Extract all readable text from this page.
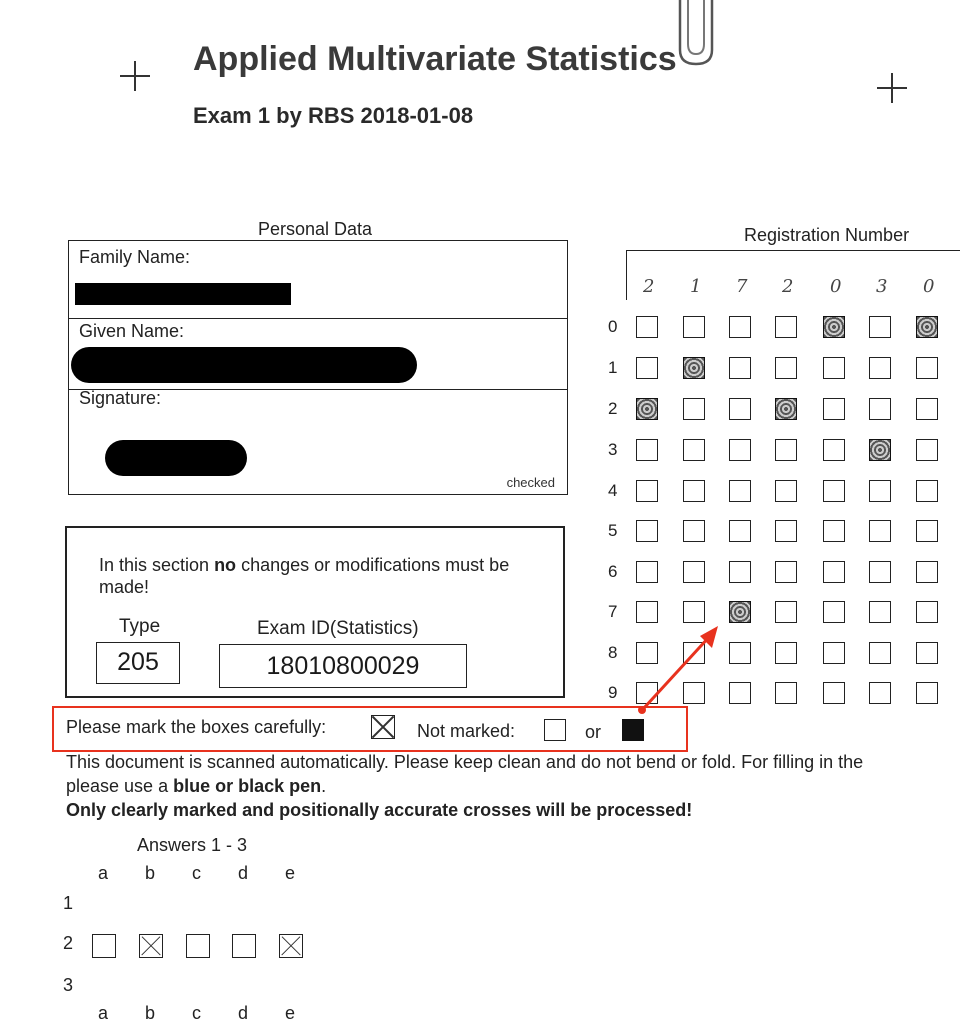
Applied Multivariate Statistics
Exam 1 by RBS 2018-01-08
Personal Data
Family Name:
Given Name:
Signature:
checked
In this section no changes or modifications must be made!
Type
205
Exam ID(Statistics)
18010800029
Registration Number
2 1 7 2 0 3 0
0
1
2
3
4
5
6
7
8
9
Please mark the boxes carefully:	Not marked:	or
This document is scanned automatically. Please keep clean and do not bend or fold. For filling in the
please use a blue or black pen.
Only clearly marked and positionally accurate crosses will be processed!
Answers 1 - 3
a
a
b
b
c
c
d
d
e
e
1
2
3
